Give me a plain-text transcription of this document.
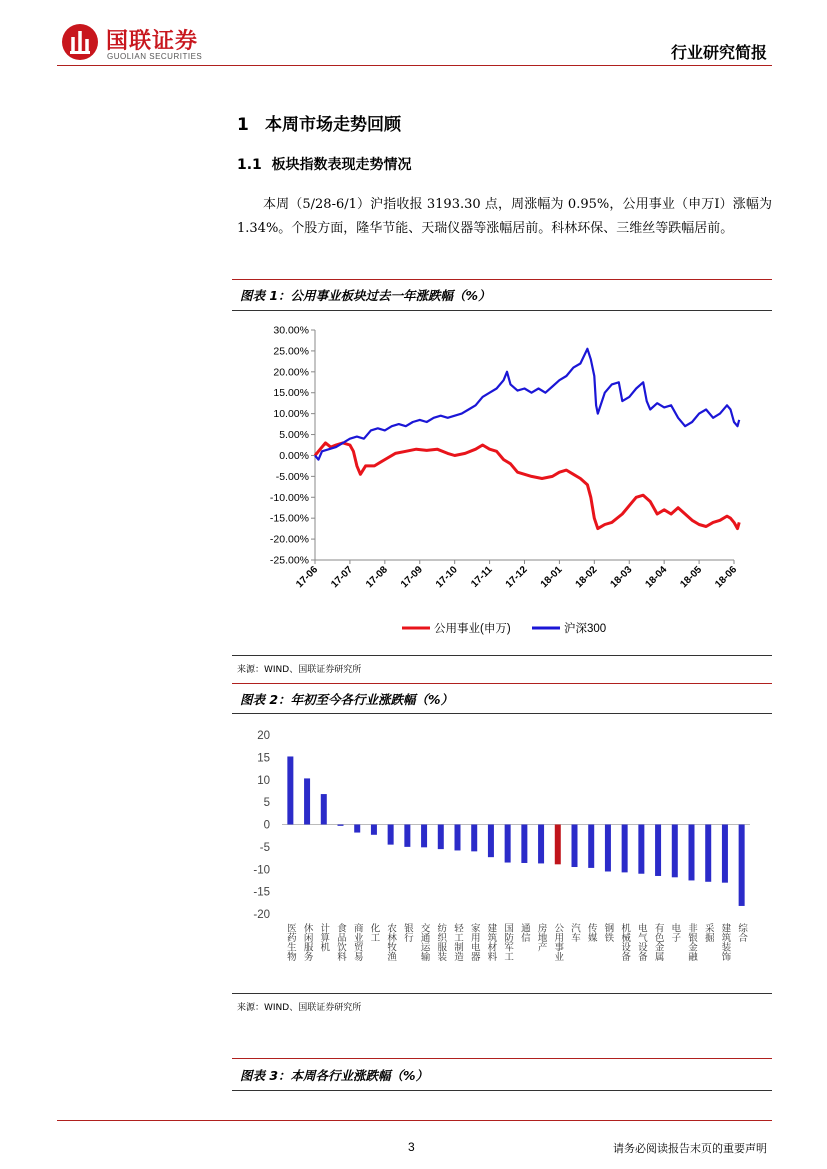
国联证券
GUOLIAN SECURITIES	行业研究简报
1 本周市场走势回顾
1.1 板块指数表现走势情况
本周（5/28-6/1）沪指收报 3193.30 点，周涨幅为 0.95%，公用事业（申万Ⅰ）涨幅为 1.34%。个股方面，隆华节能、天瑞仪器等涨幅居前。科林环保、三维丝等跌幅居前。
图表 1：公用事业板块过去一年涨跌幅（%）
-25.00%
-20.00%
-15.00%
-10.00%
-5.00%
0.00%
5.00%
10.00%
15.00%
20.00%
25.00%
30.00%
17-06 17-07 17-08 17-09 17-10 17-11 17-12 18-01 18-02 18-03 18-04 18-05 18-06
公用事业(申万)	沪深300
来源：WIND、国联证券研究所
图表 2：年初至今各行业涨跌幅（%）
-20
-15
-10
-5
0
5
10
15
20
医药生物 休闲服务 计算机 食品饮料 商业贸易 化工 农林牧渔 银行 交通运输 纺织服装 轻工制造 家用电器 建筑材料 国防军工 通信 房地产 公用事业 汽车 传媒 钢铁 机械设备 电气设备 有色金属 电子 非银金融 采掘 建筑装饰 综合
来源：WIND、国联证券研究所
图表 3：本周各行业涨跌幅（%）
3	请务必阅读报告末页的重要声明
